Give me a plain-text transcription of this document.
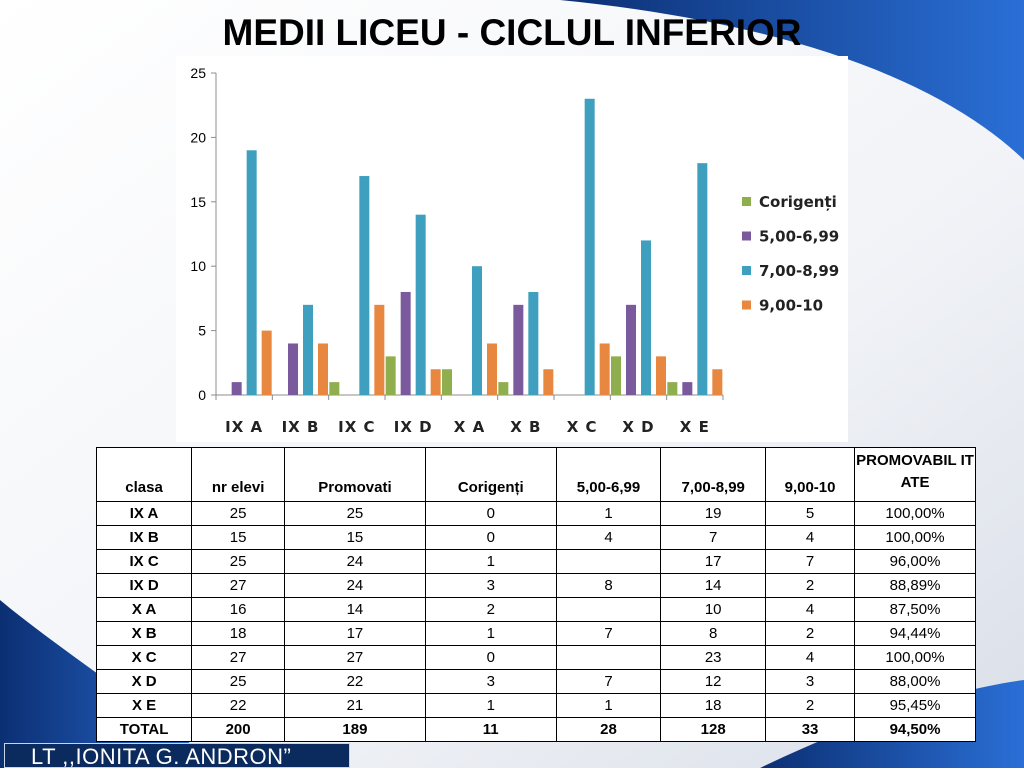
MEDII LICEU - CICLUL INFERIOR
0
5
10
15
20
25
IX A IX B IX C IX D X A X B X C X D X E
Corigenți
5,00-6,99
7,00-8,99
9,00-10
clasa	nr elevi	Promovati	Corigenți	5,00-6,99	7,00-8,99	9,00-10	PROMOVABIL ITATE
IX A	25	25	0	1	19	5	100,00%
IX B	15	15	0	4	7	4	100,00%
IX C	25	24	1		17	7	96,00%
IX D	27	24	3	8	14	2	88,89%
X A	16	14	2		10	4	87,50%
X B	18	17	1	7	8	2	94,44%
X C	27	27	0		23	4	100,00%
X D	25	22	3	7	12	3	88,00%
X E	22	21	1	1	18	2	95,45%
TOTAL	200	189	11	28	128	33	94,50%
LT ,,IONITA G. ANDRON”
